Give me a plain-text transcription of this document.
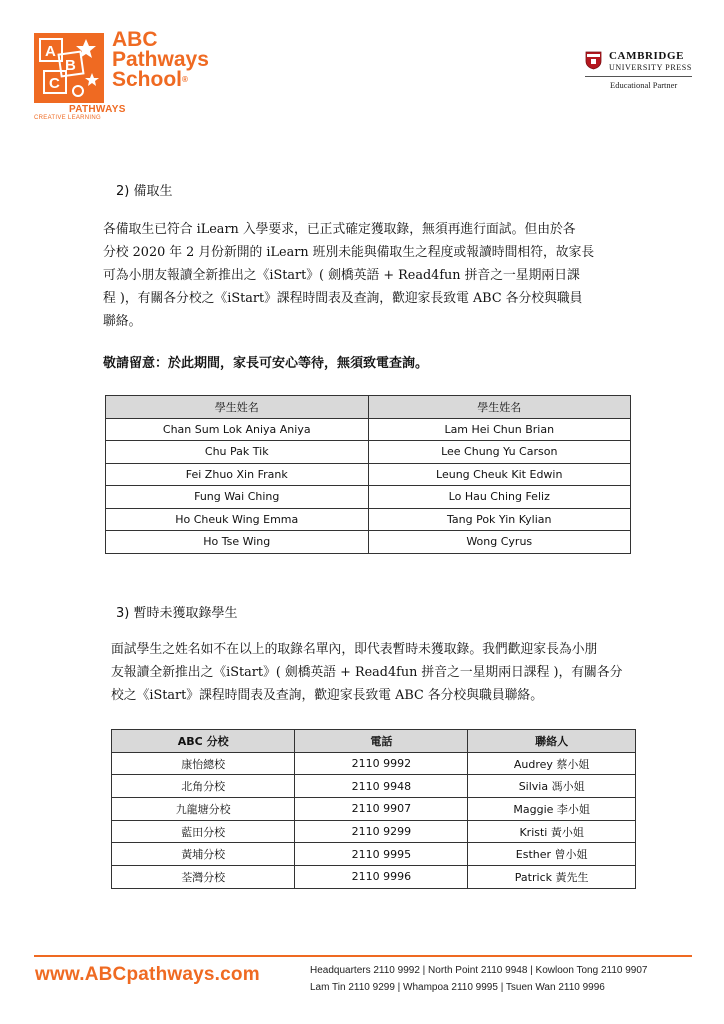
A
B
C
ABC
Pathways
School®
PATHWAYS
CREATIVE LEARNING
CAMBRIDGE
UNIVERSITY PRESS
Educational Partner
2) 備取生
各備取生已符合 iLearn 入學要求，已正式確定獲取錄，無須再進行面試。但由於各
分校 2020 年 2 月份新開的 iLearn 班別未能與備取生之程度或報讀時間相符，故家長
可為小朋友報讀全新推出之《iStart》( 劍橋英語 + Read4fun 拼音之一星期兩日課
程 )，有關各分校之《iStart》課程時間表及查詢，歡迎家長致電 ABC 各分校與職員
聯絡。
敬請留意：於此期間，家長可安心等待，無須致電查詢。
學生姓名	學生姓名
Chan Sum Lok Aniya Aniya	Lam Hei Chun Brian
Chu Pak Tik	Lee Chung Yu Carson
Fei Zhuo Xin Frank	Leung Cheuk Kit Edwin
Fung Wai Ching	Lo Hau Ching Feliz
Ho Cheuk Wing Emma	Tang Pok Yin Kylian
Ho Tse Wing	Wong Cyrus
3) 暫時未獲取錄學生
面試學生之姓名如不在以上的取錄名單內，即代表暫時未獲取錄。我們歡迎家長為小朋
友報讀全新推出之《iStart》( 劍橋英語 + Read4fun 拼音之一星期兩日課程 )，有關各分
校之《iStart》課程時間表及查詢，歡迎家長致電 ABC 各分校與職員聯絡。
ABC 分校	電話	聯絡人
康怡總校	2110 9992	Audrey 蔡小姐
北角分校	2110 9948	Silvia 馮小姐
九龍塘分校	2110 9907	Maggie 李小姐
藍田分校	2110 9299	Kristi 黃小姐
黃埔分校	2110 9995	Esther 曾小姐
荃灣分校	2110 9996	Patrick 黃先生
www.ABCpathways.com	Headquarters 2110 9992 | North Point 2110 9948 | Kowloon Tong 2110 9907
Lam Tin 2110 9299 | Whampoa 2110 9995 | Tsuen Wan 2110 9996
